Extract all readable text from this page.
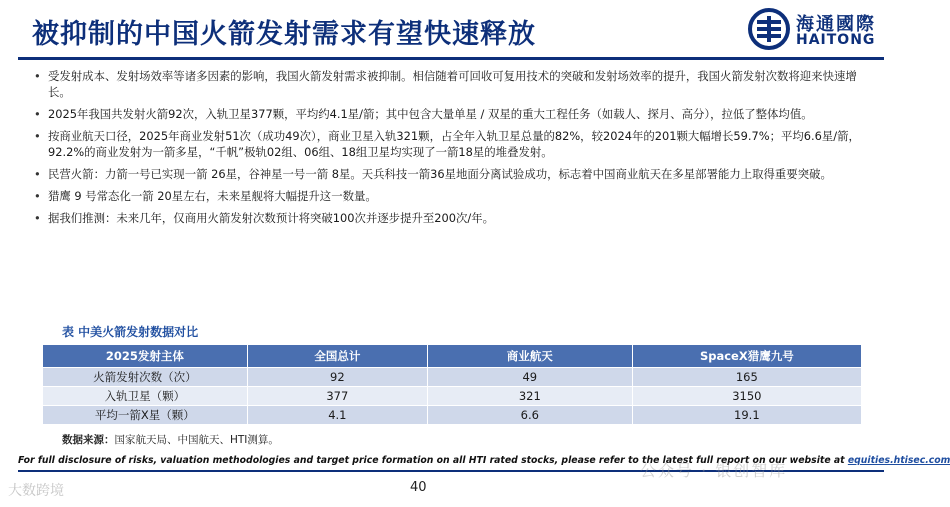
被抑制的中国火箭发射需求有望快速释放	海通國際
HAITONG
• 受发射成本、发射场效率等诸多因素的影响，我国火箭发射需求被抑制。相信随着可回收可复用技术的突破和发射场效率的提升，我国火箭发射次数将迎来快速增长。
• 2025年我国共发射火箭92次，入轨卫星377颗，平均约4.1星/箭；其中包含大量单星 / 双星的重大工程任务（如载人、探月、高分），拉低了整体均值。
• 按商业航天口径，2025年商业发射51次（成功49次），商业卫星入轨321颗，占全年入轨卫星总量的82%，较2024年的201颗大幅增长59.7%；平均6.6星/箭，92.2%的商业发射为一箭多星，“千帆”极轨02组、06组、18组卫星均实现了一箭18星的堆叠发射。
• 民营火箭：力箭一号已实现一箭 26星，谷神星一号一箭 8星。天兵科技一箭36星地面分离试验成功，标志着中国商业航天在多星部署能力上取得重要突破。
• 猎鹰 9 号常态化一箭 20星左右，未来星舰将大幅提升这一数量。
• 据我们推测：未来几年，仅商用火箭发射次数预计将突破100次并逐步提升至200次/年。
表 中美火箭发射数据对比
2025发射主体	全国总计	商业航天	SpaceX猎鹰九号
火箭发射次数（次）	92	49	165
入轨卫星（颗）	377	321	3150
平均一箭X星（颗）	4.1	6.6	19.1
数据来源：国家航天局、中国航天、HTI测算。
For full disclosure of risks, valuation methodologies and target price formation on all HTI rated stocks, please refer to the latest full report on our website at equities.htisec.com
40
大数跨境
公众号 · 银创智库
